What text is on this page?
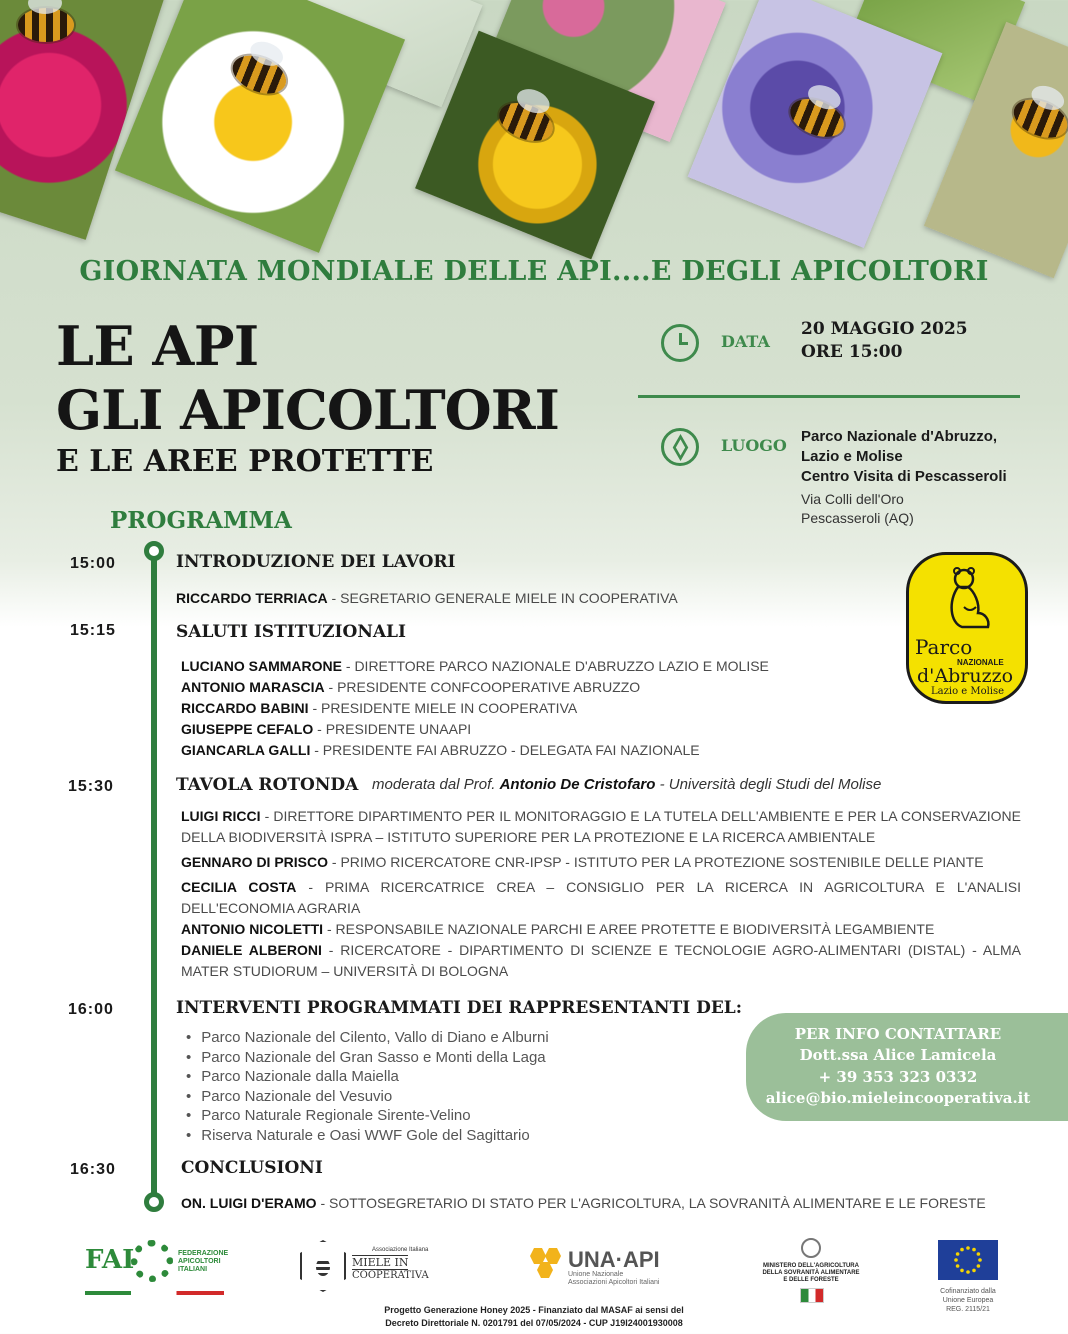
GIORNATA MONDIALE DELLE API....E DEGLI APICOLTORI
LE API
GLI APICOLTORI
E LE AREE PROTETTE
PROGRAMMA
DATA
20 MAGGIO 2025
ORE 15:00
LUOGO Parco Nazionale d'Abruzzo,
Lazio e Molise
Centro Visita di Pescasseroli
Via Colli dell'Oro
Pescasseroli (AQ)
Parco
NAZIONALE
d'Abruzzo
Lazio e Molise
15:00	INTRODUZIONE DEI LAVORI
RICCARDO TERRIACA - SEGRETARIO GENERALE MIELE IN COOPERATIVA
15:15	SALUTI ISTITUZIONALI
LUCIANO SAMMARONE - DIRETTORE PARCO NAZIONALE D'ABRUZZO LAZIO E MOLISE
ANTONIO MARASCIA - PRESIDENTE CONFCOOPERATIVE ABRUZZO
RICCARDO BABINI - PRESIDENTE MIELE IN COOPERATIVA
GIUSEPPE CEFALO - PRESIDENTE UNAAPI
GIANCARLA GALLI - PRESIDENTE FAI ABRUZZO - DELEGATA FAI NAZIONALE
15:30	TAVOLA ROTONDA moderata dal Prof. Antonio De Cristofaro - Università degli Studi del Molise
LUIGI RICCI - DIRETTORE DIPARTIMENTO PER IL MONITORAGGIO E LA TUTELA DELL'AMBIENTE E PER LA CONSERVAZIONE DELLA BIODIVERSITÀ ISPRA – ISTITUTO SUPERIORE PER LA PROTEZIONE E LA RICERCA AMBIENTALE
GENNARO DI PRISCO - PRIMO RICERCATORE CNR-IPSP - ISTITUTO PER LA PROTEZIONE SOSTENIBILE DELLE PIANTE
CECILIA COSTA - PRIMA RICERCATRICE CREA – CONSIGLIO PER LA RICERCA IN AGRICOLTURA E L'ANALISI DELL'ECONOMIA AGRARIA
ANTONIO NICOLETTI - RESPONSABILE NAZIONALE PARCHI E AREE PROTETTE E BIODIVERSITÀ LEGAMBIENTE
DANIELE ALBERONI - RICERCATORE - DIPARTIMENTO DI SCIENZE E TECNOLOGIE AGRO-ALIMENTARI (DISTAL) - ALMA MATER STUDIORUM – UNIVERSITÀ DI BOLOGNA
16:00	INTERVENTI PROGRAMMATI DEI RAPPRESENTANTI DEL:
• Parco Nazionale del Cilento, Vallo di Diano e Alburni
• Parco Nazionale del Gran Sasso e Monti della Laga
• Parco Nazionale dalla Maiella
• Parco Nazionale del Vesuvio
• Parco Naturale Regionale Sirente-Velino
• Riserva Naturale e Oasi WWF Gole del Sagittario
16:30	CONCLUSIONI
ON. LUIGI D'ERAMO - SOTTOSEGRETARIO DI STATO PER L'AGRICOLTURA, LA SOVRANITÀ ALIMENTARE E LE FORESTE
PER INFO CONTATTARE
Dott.ssa Alice Lamicela
+ 39 353 323 0332
alice@bio.mieleincooperativa.it
FAI	FEDERAZIONE
APICOLTORI
ITALIANI
Associazione Italiana
MIELE IN
COOPERATIVA
UNA·API
Unione Nazionale
Associazioni Apicoltori Italiani
MINISTERO DELL'AGRICOLTURA
DELLA SOVRANITÀ ALIMENTARE
E DELLE FORESTE
Cofinanziato dalla
Unione Europea
REG. 2115/21
Progetto Generazione Honey 2025 - Finanziato dal MASAF ai sensi del
Decreto Direttoriale N. 0201791 del 07/05/2024 - CUP J19I24001930008
